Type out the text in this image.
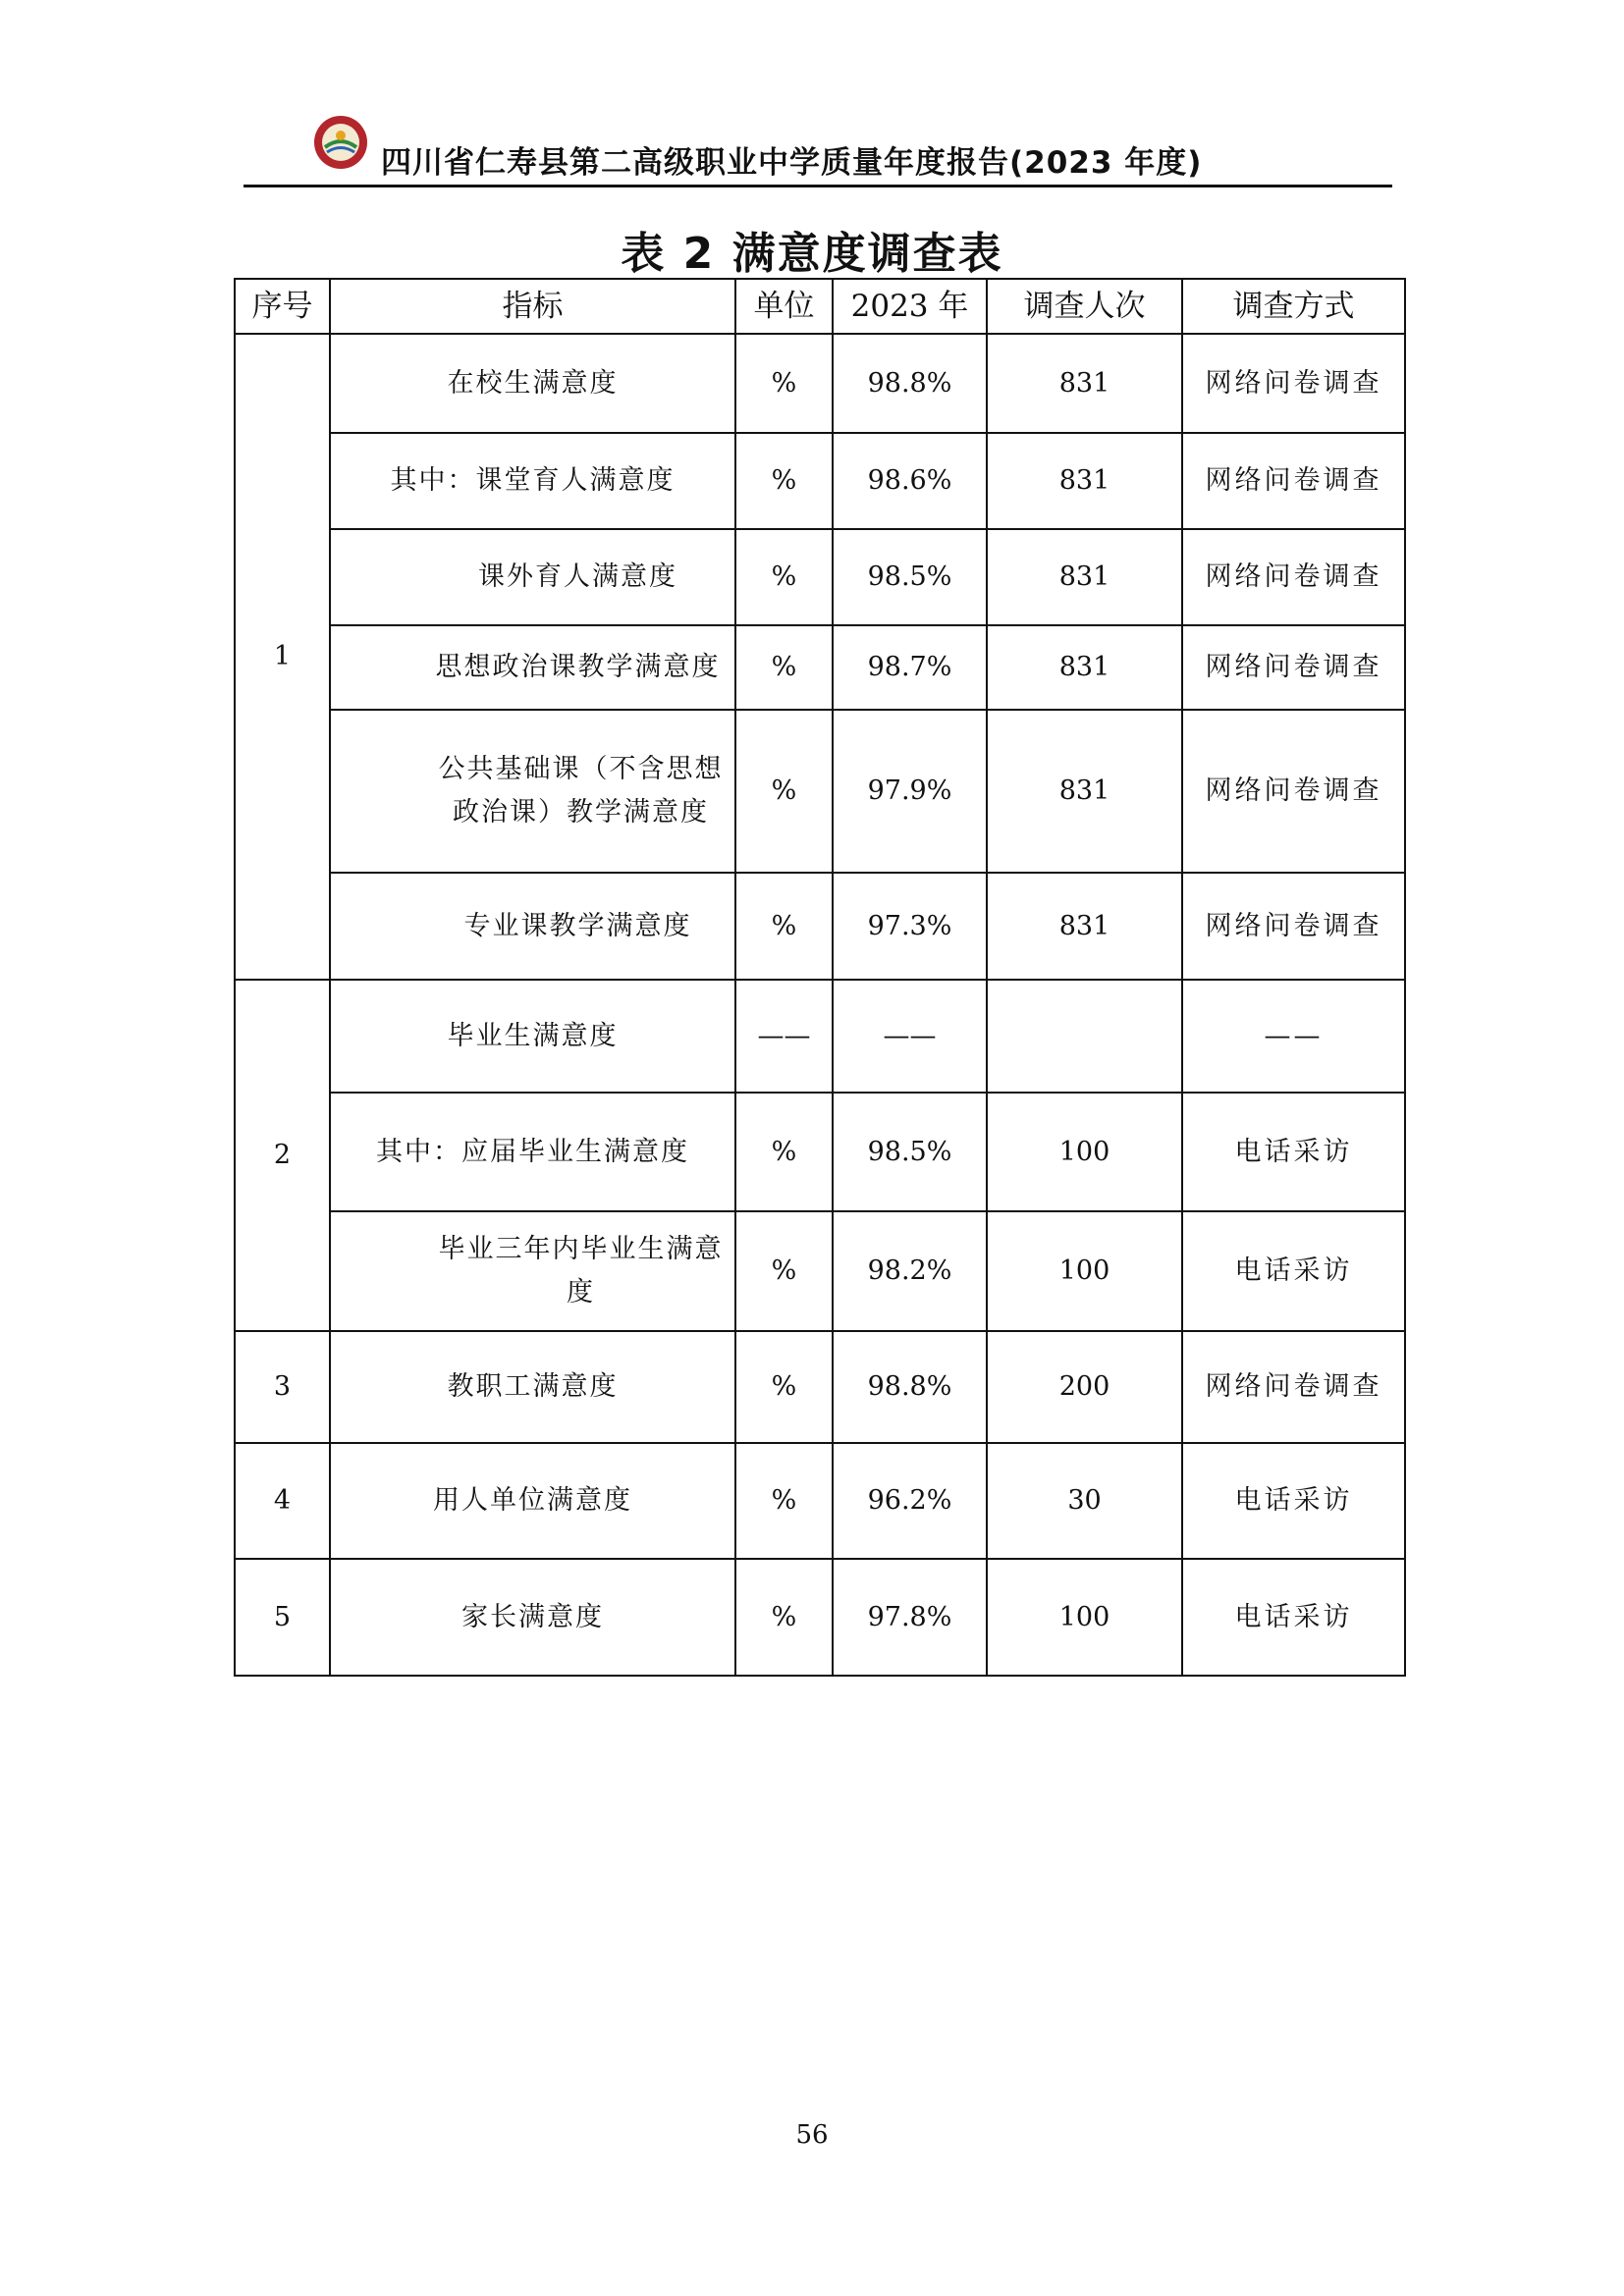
四川省仁寿县第二高级职业中学质量年度报告(2023 年度)
表 2 满意度调查表
序号	指标	单位	2023 年	调查人次	调查方式
1	在校生满意度	%	98.8%	831	网络问卷调查
	其中：课堂育人满意度	%	98.6%	831	网络问卷调查
	课外育人满意度	%	98.5%	831	网络问卷调查
	思想政治课教学满意度	%	98.7%	831	网络问卷调查

	公共基础课（不含思想政治课）教学满意度	%	97.9%	831	网络问卷调查
	专业课教学满意度	%	97.3%	831	网络问卷调查
2	毕业生满意度	——	——		——
	其中：应届毕业生满意度	%	98.5%	100	电话采访

	毕业三年内毕业生满意度	%	98.2%	100	电话采访
3	教职工满意度	%	98.8%	200	网络问卷调查
4	用人单位满意度	%	96.2%	30	电话采访
5	家长满意度	%	97.8%	100	电话采访
56
